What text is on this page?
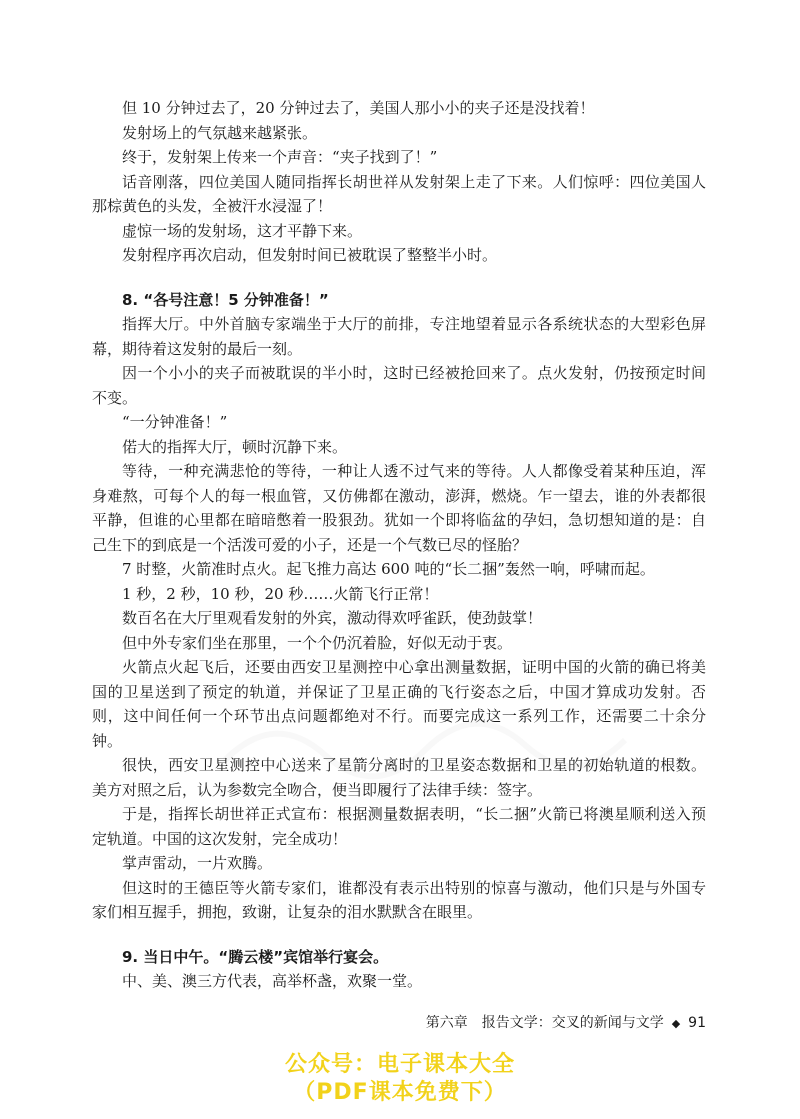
但 10 分钟过去了，20 分钟过去了，美国人那小小的夹子还是没找着！

发射场上的气氛越来越紧张。

终于，发射架上传来一个声音：“夹子找到了！”

话音刚落，四位美国人随同指挥长胡世祥从发射架上走了下来。人们惊呼：四位美国人那棕黄色的头发，全被汗水浸湿了！

虚惊一场的发射场，这才平静下来。

发射程序再次启动，但发射时间已被耽误了整整半小时。

8. “各号注意！5 分钟准备！”

指挥大厅。中外首脑专家端坐于大厅的前排，专注地望着显示各系统状态的大型彩色屏幕，期待着这发射的最后一刻。

因一个小小的夹子而被耽误的半小时，这时已经被抢回来了。点火发射，仍按预定时间不变。

“一分钟准备！”

偌大的指挥大厅，顿时沉静下来。

等待，一种充满悲怆的等待，一种让人透不过气来的等待。人人都像受着某种压迫，浑身难熬，可每个人的每一根血管，又仿佛都在激动，澎湃，燃烧。乍一望去，谁的外表都很平静，但谁的心里都在暗暗憋着一股狠劲。犹如一个即将临盆的孕妇，急切想知道的是：自己生下的到底是一个活泼可爱的小子，还是一个气数已尽的怪胎？

7 时整，火箭准时点火。起飞推力高达 600 吨的“长二捆”轰然一响，呼啸而起。

1 秒，2 秒，10 秒，20 秒……火箭飞行正常！

数百名在大厅里观看发射的外宾，激动得欢呼雀跃，使劲鼓掌！

但中外专家们坐在那里，一个个仍沉着脸，好似无动于衷。

火箭点火起飞后，还要由西安卫星测控中心拿出测量数据，证明中国的火箭的确已将美国的卫星送到了预定的轨道，并保证了卫星正确的飞行姿态之后，中国才算成功发射。否则，这中间任何一个环节出点问题都绝对不行。而要完成这一系列工作，还需要二十余分钟。

很快，西安卫星测控中心送来了星箭分离时的卫星姿态数据和卫星的初始轨道的根数。美方对照之后，认为参数完全吻合，便当即履行了法律手续：签字。

于是，指挥长胡世祥正式宣布：根据测量数据表明，“长二捆”火箭已将澳星顺利送入预定轨道。中国的这次发射，完全成功！

掌声雷动，一片欢腾。

但这时的王德臣等火箭专家们，谁都没有表示出特别的惊喜与激动，他们只是与外国专家们相互握手，拥抱，致谢，让复杂的泪水默默含在眼里。

9. 当日中午。“腾云楼”宾馆举行宴会。

中、美、澳三方代表，高举杯盏，欢聚一堂。

第六章　报告文学：交叉的新闻与文学 ◆ 91
公众号：电子课本大全
（PDF课本免费下）
